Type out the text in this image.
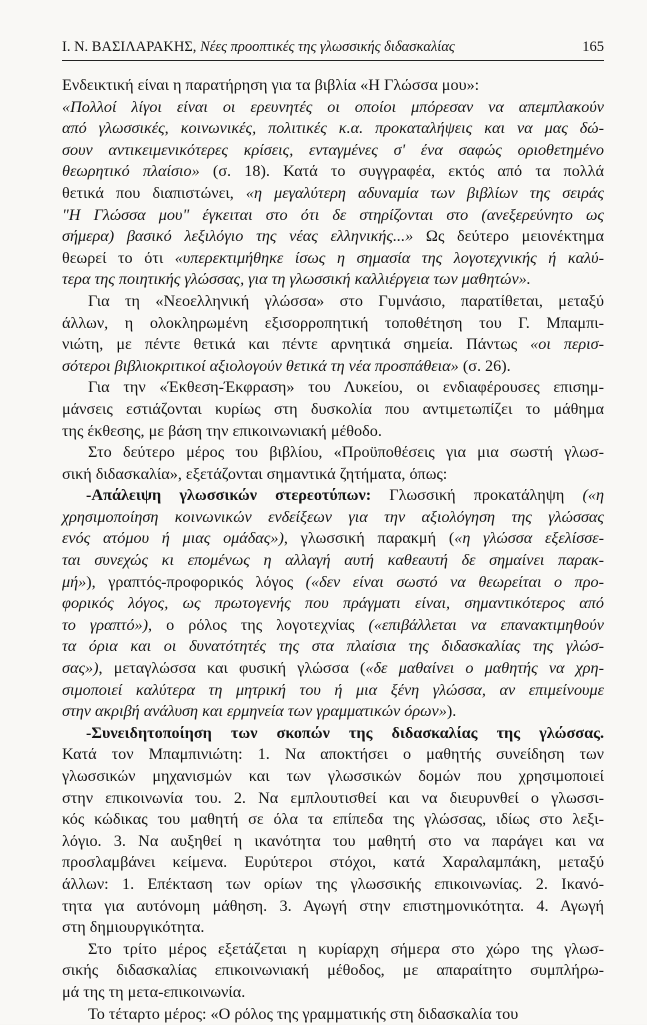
Ι. Ν. ΒΑΣΙΛΑΡΑΚΗΣ, Νέες προοπτικές της γλωσσικής διδασκαλίας	165
Ενδεικτική είναι η παρατήρηση για τα βιβλία «Η Γλώσσα μου»:
«Πολλοί λίγοι είναι οι ερευνητές οι οποίοι μπόρεσαν να απεμπλακούν
από γλωσσικές, κοινωνικές, πολιτικές κ.α. προκαταλήψεις και να μας δώ-
σουν αντικειμενικότερες κρίσεις, ενταγμένες σ' ένα σαφώς οριοθετημένο
θεωρητικό πλαίσιο» (σ. 18). Κατά το συγγραφέα, εκτός από τα πολλά
θετικά που διαπιστώνει, «η μεγαλύτερη αδυναμία των βιβλίων της σειράς
"Η Γλώσσα μου" έγκειται στο ότι δε στηρίζονται στο (ανεξερεύνητο ως
σήμερα) βασικό λεξιλόγιο της νέας ελληνικής...» Ως δεύτερο μειονέκτημα
θεωρεί το ότι «υπερεκτιμήθηκε ίσως η σημασία της λογοτεχνικής ή καλύ-
τερα της ποιητικής γλώσσας, για τη γλωσσική καλλιέργεια των μαθητών».
Για τη «Νεοελληνική γλώσσα» στο Γυμνάσιο, παρατίθεται, μεταξύ
άλλων, η ολοκληρωμένη εξισορροπητική τοποθέτηση του Γ. Μπαμπι-
νιώτη, με πέντε θετικά και πέντε αρνητικά σημεία. Πάντως «οι περισ-
σότεροι βιβλιοκριτικοί αξιολογούν θετικά τη νέα προσπάθεια» (σ. 26).
Για την «Έκθεση-Έκφραση» του Λυκείου, οι ενδιαφέρουσες επισημ-
μάνσεις εστιάζονται κυρίως στη δυσκολία που αντιμετωπίζει το μάθημα
της έκθεσης, με βάση την επικοινωνιακή μέθοδο.
Στο δεύτερο μέρος του βιβλίου, «Προϋποθέσεις για μια σωστή γλωσ-
σική διδασκαλία», εξετάζονται σημαντικά ζητήματα, όπως:
-Απάλειψη γλωσσικών στερεοτύπων: Γλωσσική προκατάληψη («η
χρησιμοποίηση κοινωνικών ενδείξεων για την αξιολόγηση της γλώσσας
ενός ατόμου ή μιας ομάδας»), γλωσσική παρακμή («η γλώσσα εξελίσσε-
ται συνεχώς κι επομένως η αλλαγή αυτή καθεαυτή δε σημαίνει παρακ-
μή»), γραπτός-προφορικός λόγος («δεν είναι σωστό να θεωρείται ο προ-
φορικός λόγος, ως πρωτογενής που πράγματι είναι, σημαντικότερος από
το γραπτό»), ο ρόλος της λογοτεχνίας («επιβάλλεται να επανακτιμηθούν
τα όρια και οι δυνατότητές της στα πλαίσια της διδασκαλίας της γλώσ-
σας»), μεταγλώσσα και φυσική γλώσσα («δε μαθαίνει ο μαθητής να χρη-
σιμοποιεί καλύτερα τη μητρική του ή μια ξένη γλώσσα, αν επιμείνουμε
στην ακριβή ανάλυση και ερμηνεία των γραμματικών όρων»).
-Συνειδητοποίηση των σκοπών της διδασκαλίας της γλώσσας.
Κατά τον Μπαμπινιώτη: 1. Να αποκτήσει ο μαθητής συνείδηση των
γλωσσικών μηχανισμών και των γλωσσικών δομών που χρησιμοποιεί
στην επικοινωνία του. 2. Να εμπλουτισθεί και να διευρυνθεί ο γλωσσι-
κός κώδικας του μαθητή σε όλα τα επίπεδα της γλώσσας, ιδίως στο λεξι-
λόγιο. 3. Να αυξηθεί η ικανότητα του μαθητή στο να παράγει και να
προσλαμβάνει κείμενα. Ευρύτεροι στόχοι, κατά Χαραλαμπάκη, μεταξύ
άλλων: 1. Επέκταση των ορίων της γλωσσικής επικοινωνίας. 2. Ικανό-
τητα για αυτόνομη μάθηση. 3. Αγωγή στην επιστημονικότητα. 4. Αγωγή
στη δημιουργικότητα.
Στο τρίτο μέρος εξετάζεται η κυρίαρχη σήμερα στο χώρο της γλωσ-
σικής διδασκαλίας επικοινωνιακή μέθοδος, με απαραίτητο συμπλήρω-
μά της τη μετα-επικοινωνία.
Το τέταρτο μέρος: «Ο ρόλος της γραμματικής στη διδασκαλία του
